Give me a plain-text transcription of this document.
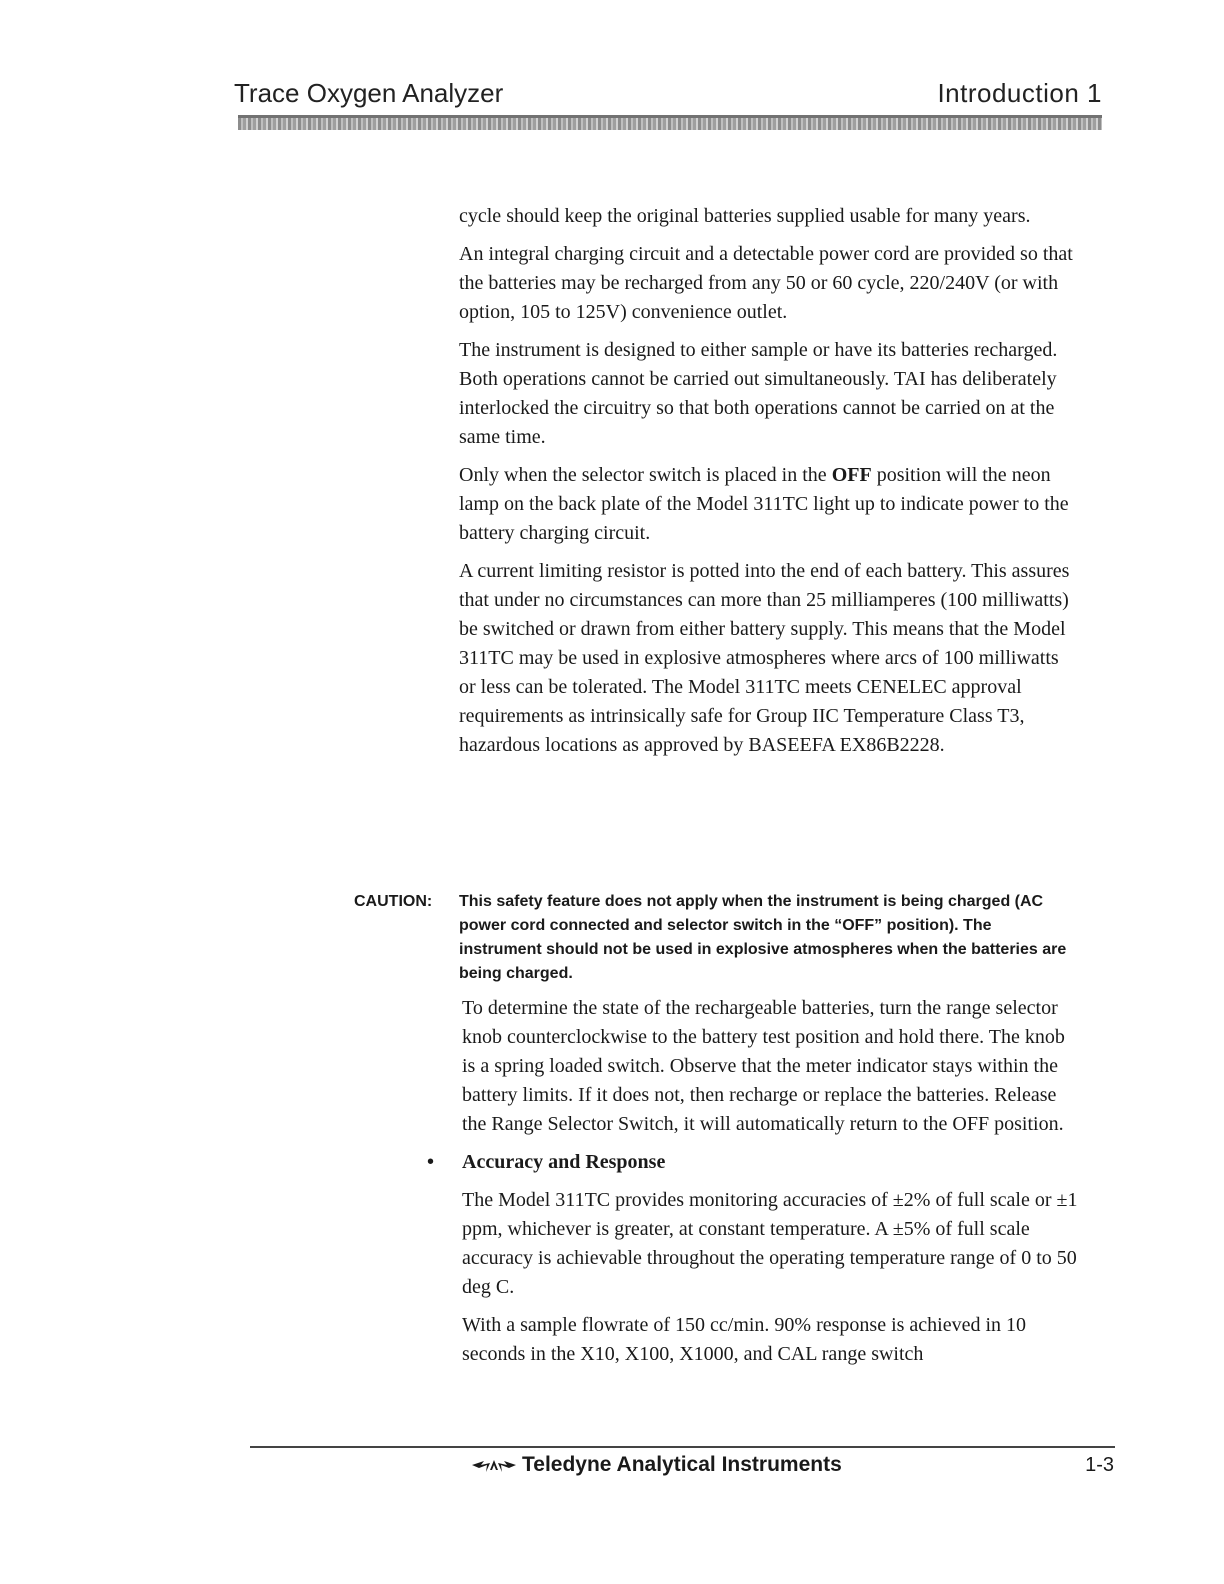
Trace Oxygen Analyzer	Introduction 1

cycle should keep the original batteries supplied usable for many years.

An integral charging circuit and a detectable power cord are provided so that the batteries may be recharged from any 50 or 60 cycle, 220/240V (or with option, 105 to 125V) convenience outlet.

The instrument is designed to either sample or have its batteries recharged. Both operations cannot be carried out simultaneously. TAI has deliberately interlocked the circuitry so that both operations cannot be carried on at the same time.

Only when the selector switch is placed in the OFF position will the neon lamp on the back plate of the Model 311TC light up to indicate power to the battery charging circuit.

A current limiting resistor is potted into the end of each battery. This assures that under no circumstances can more than 25 milliamperes (100 milliwatts) be switched or drawn from either battery supply. This means that the Model 311TC may be used in explosive atmospheres where arcs of 100 milliwatts or less can be tolerated. The Model 311TC meets CENELEC approval requirements as intrinsically safe for Group IIC Temperature Class T3, hazardous locations as approved by BASEEFA EX86B2228.

CAUTION:	This safety feature does not apply when the instrument is being charged (AC power cord connected and selector switch in the “OFF” position). The instrument should not be used in explosive atmospheres when the batteries are being charged.

To determine the state of the rechargeable batteries, turn the range selector knob counterclockwise to the battery test position and hold there. The knob is a spring loaded switch. Observe that the meter indicator stays within the battery limits. If it does not, then recharge or replace the batteries. Release the Range Selector Switch, it will automatically return to the OFF position.

• Accuracy and Response

The Model 311TC provides monitoring accuracies of ±2% of full scale or ±1 ppm, whichever is greater, at constant temperature. A ±5% of full scale accuracy is achievable throughout the operating temperature range of 0 to 50 deg C.

With a sample flowrate of 150 cc/min. 90% response is achieved in 10 seconds in the X10, X100, X1000, and CAL range switch

Teledyne Analytical Instruments	1-3
